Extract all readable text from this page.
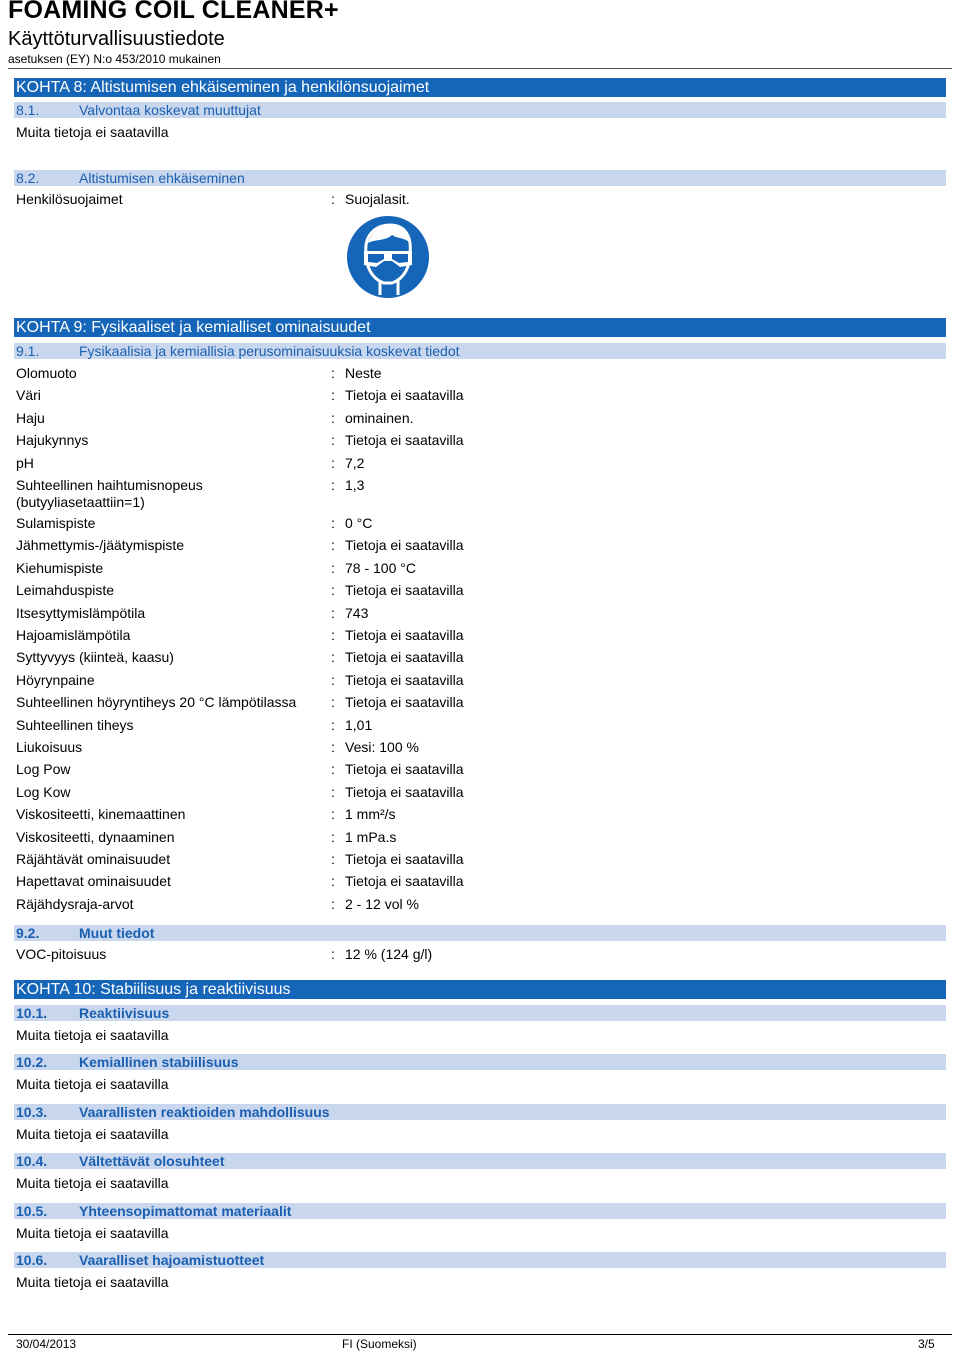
FOAMING COIL CLEANER+
Käyttöturvallisuustiedote
asetuksen (EY) N:o 453/2010 mukainen
KOHTA 8: Altistumisen ehkäiseminen ja henkilönsuojaimet
8.1.	Valvontaa koskevat muuttujat
Muita tietoja ei saatavilla
8.2.	Altistumisen ehkäiseminen
Henkilösuojaimet	: Suojalasit.
KOHTA 9: Fysikaaliset ja kemialliset ominaisuudet
9.1.	Fysikaalisia ja kemiallisia perusominaisuuksia koskevat tiedot
Olomuoto	: Neste
Väri	: Tietoja ei saatavilla
Haju	: ominainen.
Hajukynnys	: Tietoja ei saatavilla
pH	: 7,2
Suhteellinen haihtumisnopeus
(butyyliasetaattiin=1)
: 1,3
Sulamispiste	: 0 °C
Jähmettymis-/jäätymispiste	: Tietoja ei saatavilla
Kiehumispiste	: 78 - 100 °C
Leimahduspiste	: Tietoja ei saatavilla
Itsesyttymislämpötila	: 743
Hajoamislämpötila	: Tietoja ei saatavilla
Syttyvyys (kiinteä, kaasu)	: Tietoja ei saatavilla
Höyrynpaine	: Tietoja ei saatavilla
Suhteellinen höyryntiheys 20 °C lämpötilassa : Tietoja ei saatavilla
Suhteellinen tiheys	: 1,01
Liukoisuus	: Vesi: 100 %
Log Pow	: Tietoja ei saatavilla
Log Kow	: Tietoja ei saatavilla
Viskositeetti, kinemaattinen	: 1 mm²/s
Viskositeetti, dynaaminen	: 1 mPa.s
Räjähtävät ominaisuudet	: Tietoja ei saatavilla
Hapettavat ominaisuudet	: Tietoja ei saatavilla
Räjähdysraja-arvot	: 2 - 12 vol %
9.2.	Muut tiedot
VOC-pitoisuus	: 12 % (124 g/l)
KOHTA 10: Stabiilisuus ja reaktiivisuus
10.1. Reaktiivisuus
Muita tietoja ei saatavilla
10.2. Kemiallinen stabiilisuus
Muita tietoja ei saatavilla
10.3. Vaarallisten reaktioiden mahdollisuus
Muita tietoja ei saatavilla
10.4. Vältettävät olosuhteet
Muita tietoja ei saatavilla
10.5. Yhteensopimattomat materiaalit
Muita tietoja ei saatavilla
10.6. Vaaralliset hajoamistuotteet
Muita tietoja ei saatavilla
30/04/2013	FI (Suomeksi)	3/5
